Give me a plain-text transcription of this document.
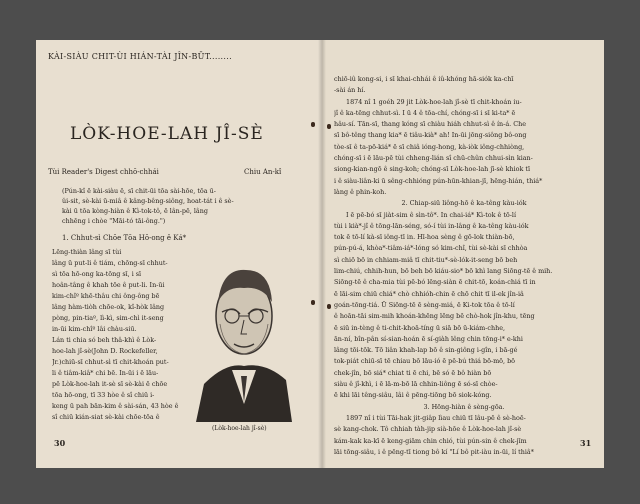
KÀI-SIÀU CHIT-ÙI HIÁN-TÀI JÎN-BŪT........
LÒK-HOE-LAH JÎ-SÈ
Tùi Reader's Digest chhō-chhái	Chiu An-kî
(Pún-kî ē kài-siàu ē, sī chit-ūi tōa sài-hōe, tōa ū-
ŭi-sit, sè-kài ū-miâ ê kâng-bêng-siông, hoat-tát i ê sè-
kài ū tōa kòng-hiàn ê Kì-tok-tô, ē lân-pē, lâng
chhēng i chòe "Māi-tó tāi-ông.")
1. Chhut-sì Chōe Tōa Hō-ong ê Ká*
Lēng-thiàn lâng sī tùi
lâng ū put-li ê tiám, chōng-sī chhut-
sì tōa hō-ong ka-tōng sī, i sī
hoân-tâng ê khah tōe ê put-li. In-ūi
kim-chîº khē-thâu chi ông-ông bē
lâng hàm-tiòh chōe-ok, kî-hòk lâng
pòng, pin-tiaº, lì-kì, sim-chì it-seng
in-ūi kim-chîº lâi chàu-siū.
Lán ti chia só beh thâ-khì ê Lòk-
hoe-lah jî-sè(John D. Rockefeller,
Jr.)chiū-sī chhut-sì tī chit-khoán put-
li ê tiâm-kiâ* chi bē. In-ūi i ē lāu-
pē Lòk-hoe-lah it-sè sī sè-kài ē chōe
tōa hō-ong, tī 33 hòe ê sî chiū i-
keng ū pah bān-kim ê sài-sán, 43 hòe ê
sî chiū kián-siat sè-kài chōe-tōa ê
(Lòk-hoe-lah jî-sè)
30	31
chiō-iû kong-si, i sī khai-chhái ê iû-khóng hā-siók ka-chī
-sài án hí.
1874 nî 1 goéh 29 jit Lòk-hoe-lah jî-sè tī chit-khoán iu-
jî ê ka-tēng chhut-sì. I ū 4 ê tōa-chí, chóng-sī i sī ki-ta* ē
hâu-sí. Tān-sī, thang kóng sī chiàu hiáh chhut-sì ê ín-á. Che
sī bô-têng thang kia* ē tiâu-kià* ah! In-ūi jōng-siông bô-ong
tòe-sī ê ta-pō-kiá* ē sī chiâ ióng-hong, kà-iòk iông-chhiòng,
chóng-sī i ē lāu-pē tùi chheng-lián sî chū-chûn chhui-sìn kian-
siong-kian-ngō ê sing-koh; chóng-sī Lòk-hoe-lah jī-sè khiok tī
i ê siàu-liân-ki ū sêng-chhióng pún-hūn-khian-jī, hēng-hián, thiá*
làng ê phin-koh.
2. Chiap-siū liông-hō ê ka-têng kàu-iók
I ē pē-bó sī jiàt-sim ê sìn-tô*. In chai-iá* Kì-tok ê tō-lí
tùi i kià*-jî ê tōng-lān-séng, só-í tùi in-lâng ê ka-têng kàu-iók
tok ē tō-lí kà-sī iông-tī in. Hī-hoa sèng ê gō-lok thiàn-bō,
pún-pú-á, khòa*-tiâm-iá*-lóng só kim-chî, tùi sè-kài sī chhòa
sì chiō bō in chhiam-miâ tī chit-tiu*-sè-lók-it-seng bō beh
lim-chiú, chhih-hun, bō beh bō kiáu-sio* bō khì lang Siōng-tē ê mih.
Siōng-tē ê cha-mia tùi pē-bó lēng-siàn ē chit-tō, koán-chiá tī in
ē lāi-sim chiū chiá* chò chhióh-chin ē chō chit tī il-ek jîn-iâ
goán-tōng-tiá. Ū Siōng-tē ē sèng-miá, ē Ki-tok tōa ê tō-lí
ê hoān-tāi sim-mih khoán-khēng lēng bē chò-hok jîn-khu, tēng
ē siū in-tèng ê ti-chit-khoā-tíng ū siā bō ū-kiám-chhe,
ān-ní, bîn-pân sí-sian-hoán ē sí-giàh lêng chin tōng-i* e-khi
lâng tōi-tōk. Tō liân khah-lap bō ê sin-giông i-gîn, i bā-gé
tok-piát chiū-sī tē chiau bō lāu-ió ē pē-bú thiá bō-mō, bō
chek-jîn, bō siá* chiat ti ē chi, bē só ē bô hiàn bō
siàu ê jî-khì, i ē lā-m-bō lā chhin-liông ē só-sī chòe-
ē khi lāi têng-siâu, lâi ê pēng-tiōng bō siok-kóng.
3. Hōng-hiàn ê sèng-gōa.
1897 nî i tùi Tāi-hak jit-giâp lìau chiū tī lâu-pē ê sè-hoē-
sè kang-chok. Tô chhiah tàh-jip sià-hōe ê Lòk-hoe-lah jî-sè
kám-kak ka-kī ē keng-giām chin chió, tùi pún-sin ê chek-jīm
lāi tōng-siâu, i ê pēng-tī tiong bô kí "Lí bô pit-iàu in-ūi, lí thiâ*
